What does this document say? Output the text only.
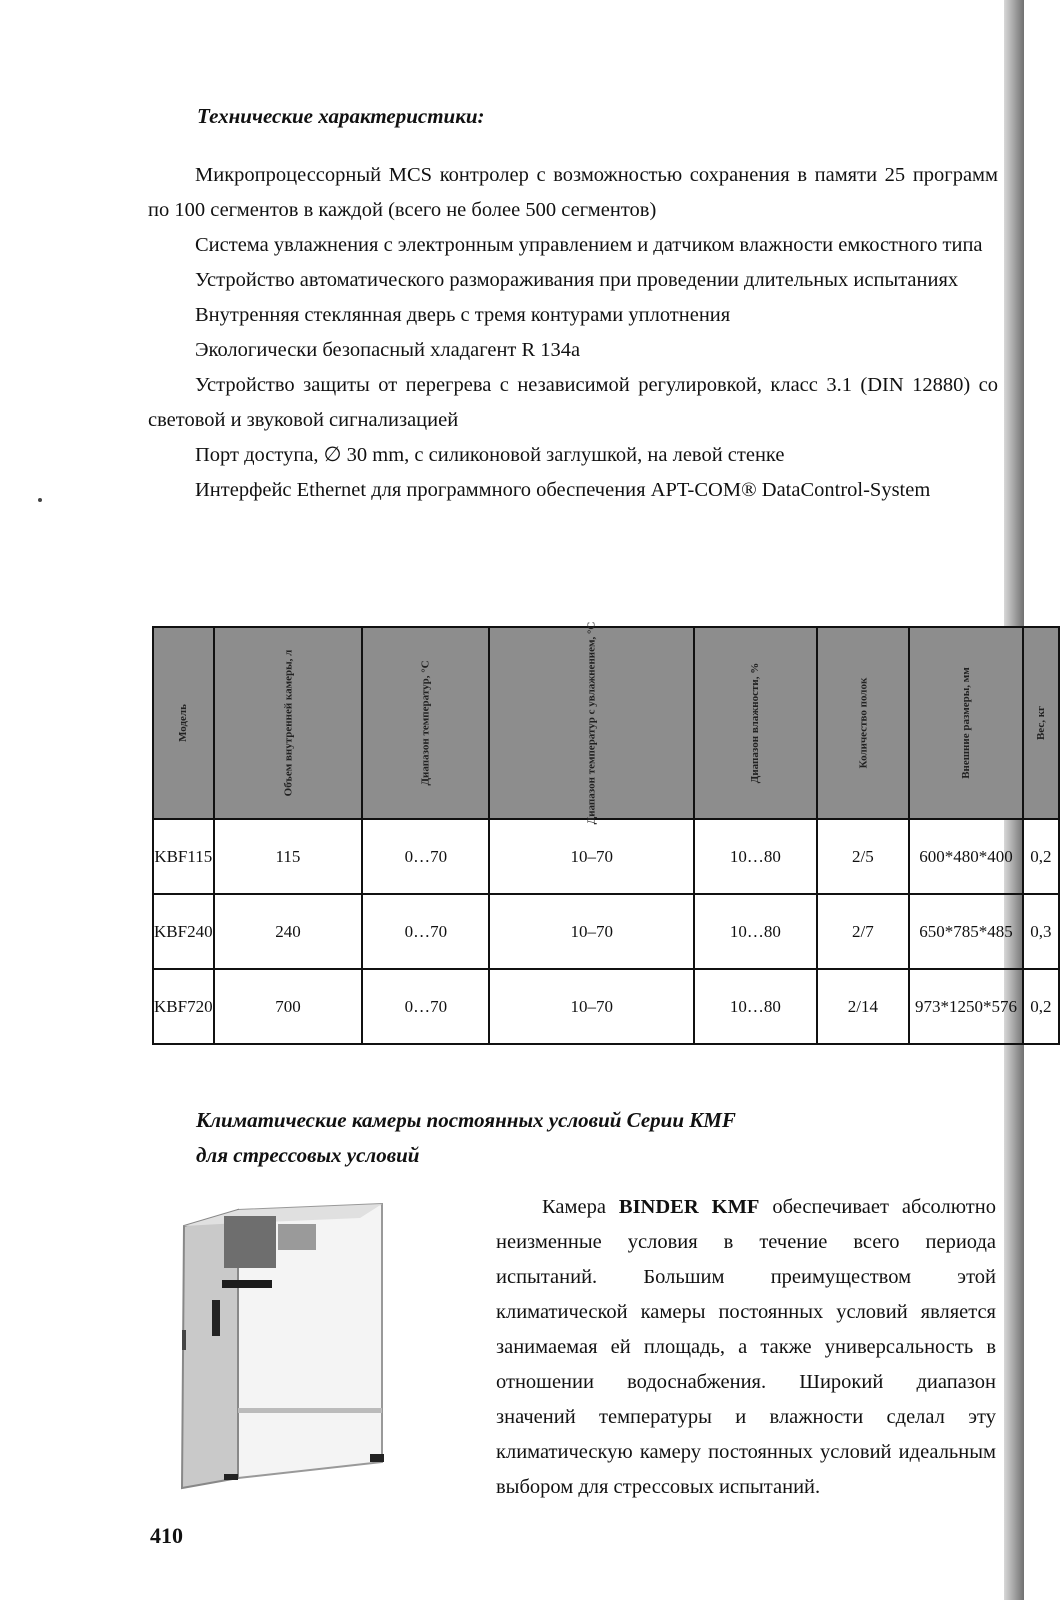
Технические характеристики:

Микропроцессорный MCS контролер с возможностью сохранения в памяти 25 программ по 100 сегментов в каждой (всего не более 500 сегментов)

Система увлажнения с электронным управлением и датчиком влажности емкостного типа

Устройство автоматического размораживания при проведении длительных испытаниях

Внутренняя стеклянная дверь с тремя контурами уплотнения

Экологически безопасный хладагент R 134a

Устройство защиты от перегрева с независимой регулировкой, класс 3.1 (DIN 12880) со световой и звуковой сигнализацией

Порт доступа, ∅ 30 mm, с силиконовой заглушкой, на левой стенке

Интерфейс Ethernet для программного обеспечения APT-COM® DataControl-System

Модель	Объем внутренней камеры, л	Диапазон температур, °С	Диапазон температур с увлажнением, °С	Диапазон влажности, %	Количество полок	Внешние размеры, мм	Вес, кг
KBF115	115	0…70	10–70	10…80	2/5	600*480*400	0,2
KBF240	240	0…70	10–70	10…80	2/7	650*785*485	0,3
KBF720	700	0…70	10–70	10…80	2/14	973*1250*576	0,2
Климатические камеры постоянных условий Серии KMF
для стрессовых условий

Камера BINDER KMF обеспечивает абсолютно неизменные условия в течение всего периода испытаний. Большим преимуществом этой климатической камеры постоянных условий является занимаемая ей площадь, а также универсальность в отношении водоснабжения. Широкий диапазон значений температуры и влажности сделал эту климатическую камеру постоянных условий идеальным выбором для стрессовых испытаний.

410
